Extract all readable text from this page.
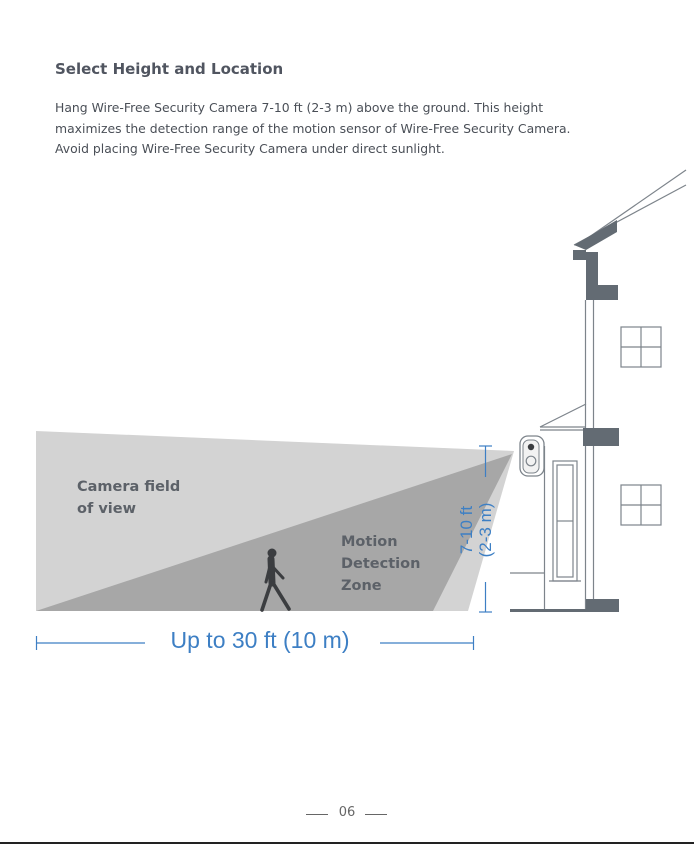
Select Height and Location
Hang Wire-Free Security Camera 7-10 ft (2-3 m) above the ground. This height
maximizes the detection range of the motion sensor of Wire-Free Security Camera.
Avoid placing Wire-Free Security Camera under direct sunlight.
7-10 ft (2-3 m)
Up to 30 ft (10 m)
Camera field
of view
Motion
Detection
Zone
06
